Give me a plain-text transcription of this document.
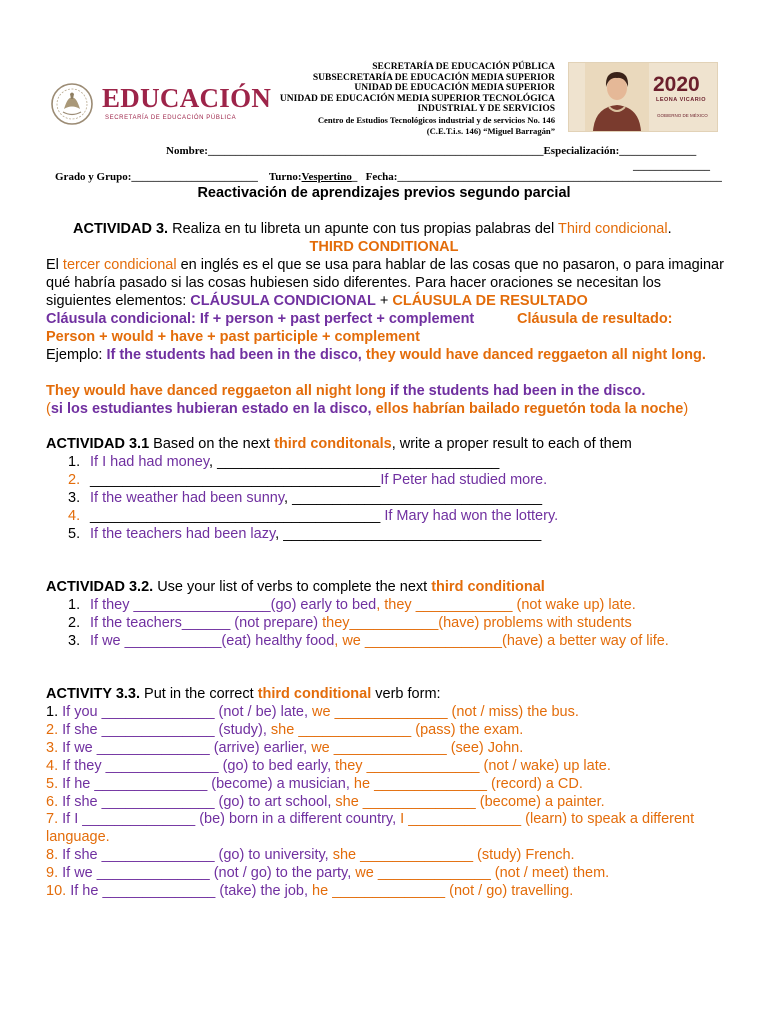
EDUCACIÓN
SECRETARÍA DE EDUCACIÓN PÚBLICA
SECRETARÍA DE EDUCACIÓN PÚBLICA
SUBSECRETARÍA DE EDUCACIÓN MEDIA SUPERIOR
UNIDAD DE EDUCACIÓN MEDIA SUPERIOR
UNIDAD DE EDUCACIÓN MEDIA SUPERIOR TECNOLÓGICA
INDUSTRIAL Y DE SERVICIOS
Centro de Estudios Tecnológicos industrial y de servicios No. 146
(C.E.T.i.s. 146) “Miguel Barragán”
2020
LEONA VICARIO
GOBIERNO DE MÉXICO
Nombre:_____________________________________________________________Especialización:______________
______________
Grado y Grupo:_______________________ Turno:Vespertino_ Fecha:___________________________________________________________
Reactivación de aprendizajes previos segundo parcial
ACTIVIDAD 3. Realiza en tu libreta un apunte con tus propias palabras del Third condicional.
THIRD CONDITIONAL
El tercer condicional en inglés es el que se usa para hablar de las cosas que no pasaron, o para imaginar qué habría pasado si las cosas hubiesen sido diferentes. Para hacer oraciones se necesitan los siguientes elementos: CLÁUSULA CONDICIONAL + CLÁUSULA DE RESULTADO
Cláusula condicional: If + person + past perfect + complement	Cláusula de resultado:
Person + would + have + past participle + complement
Ejemplo: If the students had been in the disco, they would have danced reggaeton all night long.
They would have danced reggaeton all night long if the students had been in the disco.
(si los estudiantes hubieran estado en la disco, ellos habrían bailado reguetón toda la noche)
ACTIVIDAD 3.1 Based on the next third conditonals, write a proper result to each of them
1. If I had had money, ___________________________________
2. ____________________________________If Peter had studied more.
3. If the weather had been sunny, _______________________________
4. ____________________________________ If Mary had won the lottery.
5. If the teachers had been lazy, ________________________________
ACTIVIDAD 3.2. Use your list of verbs to complete the next third conditional
1. If they _________________(go) early to bed, they ____________ (not wake up) late.
2. If the teachers______ (not prepare) they___________(have) problems with students
3. If we ____________(eat) healthy food, we _________________(have) a better way of life.
ACTIVITY 3.3. Put in the correct third conditional verb form:
1. If you ______________ (not / be) late, we ______________ (not / miss) the bus.
2. If she ______________ (study), she ______________ (pass) the exam.
3. If we ______________ (arrive) earlier, we ______________ (see) John.
4. If they ______________ (go) to bed early, they ______________ (not / wake) up late.
5. If he ______________ (become) a musician, he ______________ (record) a CD.
6. If she ______________ (go) to art school, she ______________ (become) a painter.
7. If I ______________ (be) born in a different country, I ______________ (learn) to speak a different language.
8. If she ______________ (go) to university, she ______________ (study) French.
9. If we ______________ (not / go) to the party, we ______________ (not / meet) them.
10. If he ______________ (take) the job, he ______________ (not / go) travelling.
